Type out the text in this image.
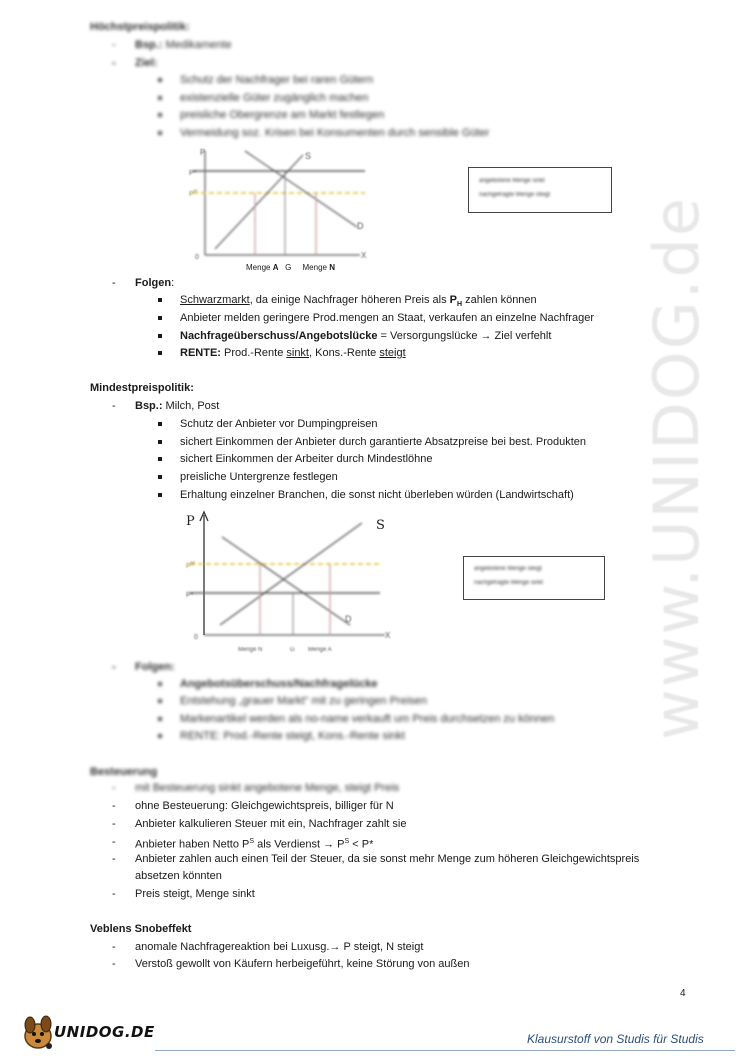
www.UNIDOG.de
Höchstpreispolitik:
- Bsp.: Medikamente
- Ziel:
Schutz der Nachfrager bei raren Gütern
existenzielle Güter zugänglich machen
preisliche Obergrenze am Markt festlegen
Vermeidung soz. Krisen bei Konsumenten durch sensible Güter
P	S
D
X
0
P*
$P^H$
angebotene Menge sinkt
nachgefragte Menge steigt
Menge A G Menge N
- Folgen:
Schwarzmarkt, da einige Nachfrager höheren Preis als $P_H$ zahlen können
Anbieter melden geringere Prod.mengen an Staat, verkaufen an einzelne Nachfrager
Nachfrageüberschuss/Angebotslücke = Versorgungslücke → Ziel verfehlt
RENTE: Prod.-Rente sinkt, Kons.-Rente steigt
Mindestpreispolitik:
- Bsp.: Milch, Post
Schutz der Anbieter vor Dumpingpreisen
sichert Einkommen der Anbieter durch garantierte Absatzpreise bei best. Produkten
sichert Einkommen der Arbeiter durch Mindestlöhne
preisliche Untergrenze festlegen
Erhaltung einzelner Branchen, die sonst nicht überleben würden (Landwirtschaft)
P	S
D
X
0
$P^M$
P*
Menge N	G Menge A
angebotene Menge steigt
nachgefragte Menge sinkt
- Folgen:
Angebotsüberschuss/Nachfragelücke
Entstehung „grauer Markt“ mit zu geringen Preisen
Markenartikel werden als no-name verkauft um Preis durchsetzen zu können
RENTE: Prod.-Rente steigt, Kons.-Rente sinkt
Besteuerung
- mit Besteuerung sinkt angebotene Menge, steigt Preis
- ohne Besteuerung: Gleichgewichtspreis, billiger für N
- Anbieter kalkulieren Steuer mit ein, Nachfrager zahlt sie
- Anbieter haben Netto $P^S$ als Verdienst → $P^S < P*$
- Anbieter zahlen auch einen Teil der Steuer, da sie sonst mehr Menge zum höheren Gleichgewichtspreis
absetzen könnten
- Preis steigt, Menge sinkt
Veblens Snobeffekt
- anomale Nachfragereaktion bei Luxusg.→ P steigt, N steigt
- Verstoß gewollt von Käufern herbeigeführt, keine Störung von außen
4
UNIDOG.DE	Klausurstoff von Studis für Studis
